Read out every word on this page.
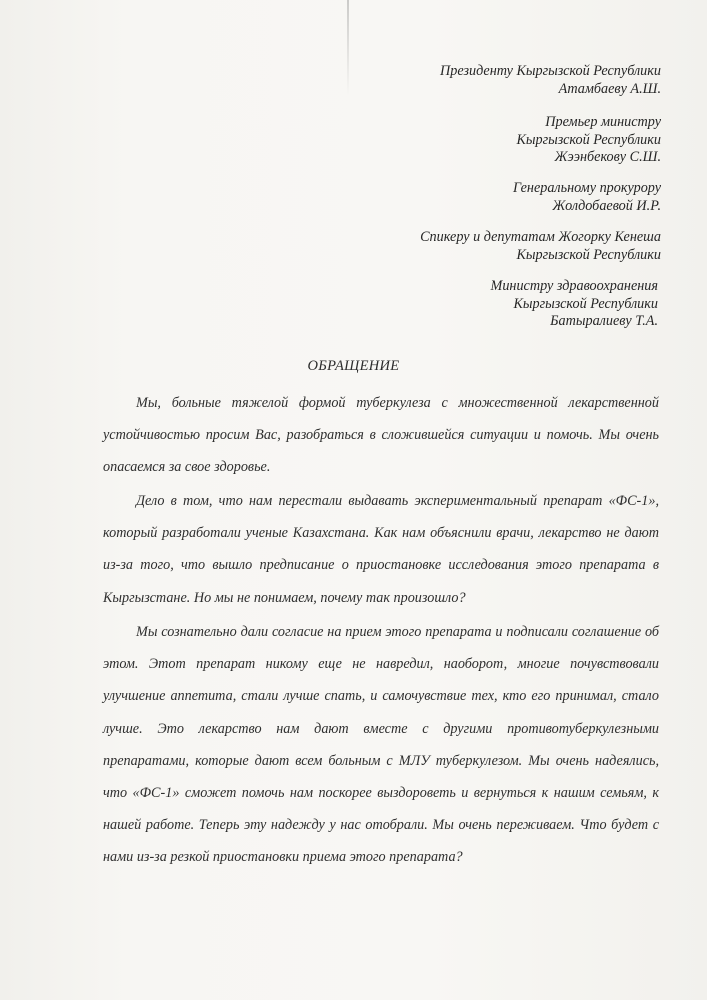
Президенту Кыргызской Республики
Атамбаеву А.Ш.
Премьер министру
Кыргызской Республики
Жээнбекову С.Ш.
Генеральному прокурору
Жолдобаевой И.Р.
Спикеру и депутатам Жогорку Кенеша
Кыргызской Республики
Министру здравоохранения
Кыргызской Республики
Батыралиеву Т.А.
ОБРАЩЕНИЕ

Мы, больные тяжелой формой туберкулеза с множественной лекарственной устойчивостью просим Вас, разобраться в сложившейся ситуации и помочь. Мы очень опасаемся за свое здоровье.

Дело в том, что нам перестали выдавать экспериментальный препарат «ФС-1», который разработали ученые Казахстана. Как нам объяснили врачи, лекарство не дают из-за того, что вышло предписание о приостановке исследования этого препарата в Кыргызстане. Но мы не понимаем, почему так произошло?

Мы сознательно дали согласие на прием этого препарата и подписали соглашение об этом. Этот препарат никому еще не навредил, наоборот, многие почувствовали улучшение аппетита, стали лучше спать, и самочувствие тех, кто его принимал, стало лучше. Это лекарство нам дают вместе с другими противотуберкулезными препаратами, которые дают всем больным с МЛУ туберкулезом. Мы очень надеялись, что «ФС-1» сможет помочь нам поскорее выздороветь и вернуться к нашим семьям, к нашей работе. Теперь эту надежду у нас отобрали. Мы очень переживаем. Что будет с нами из-за резкой приостановки приема этого препарата?
